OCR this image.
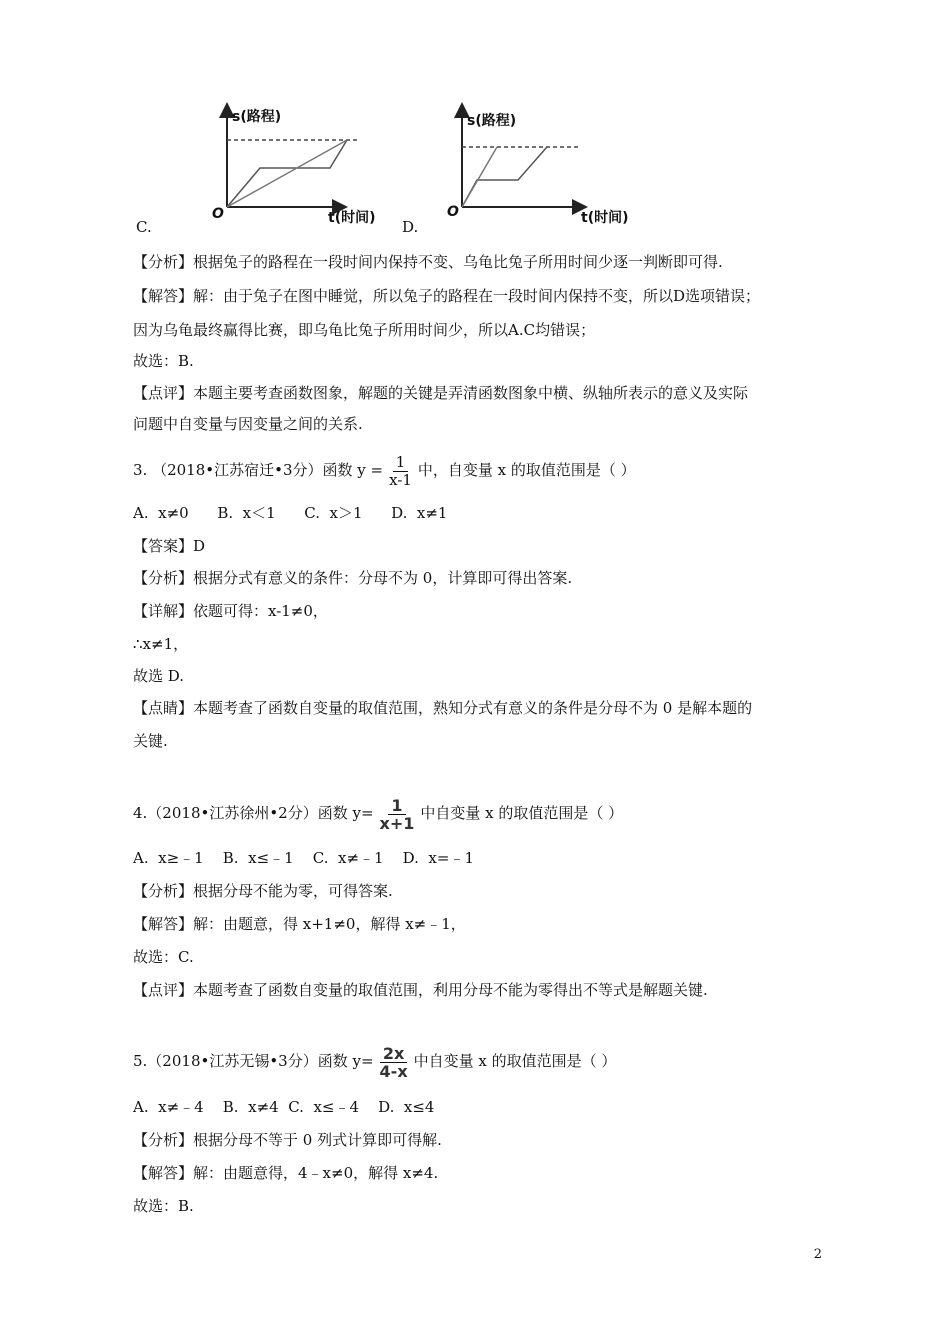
C.
s(路程)
t(时间)
O
D.
s(路程)
t(时间)
O
【分析】根据兔子的路程在一段时间内保持不变、乌龟比兔子所用时间少逐一判断即可得.
【解答】解：由于兔子在图中睡觉，所以兔子的路程在一段时间内保持不变，所以D选项错误；
因为乌龟最终赢得比赛，即乌龟比兔子所用时间少，所以A.C均错误；
故选：B.
【点评】本题主要考查函数图象，解题的关键是弄清函数图象中横、纵轴所表示的意义及实际
问题中自变量与因变量之间的关系.
3. （2018•江苏宿迁•3分）函数 $y = \frac{1}{x-1}$ 中，自变量 x 的取值范围是（ ）
A.  x≠0      B.  x＜1      C.  x＞1      D.  x≠1
【答案】D
【分析】根据分式有意义的条件：分母不为 0，计算即可得出答案.
【详解】依题可得：x-1≠0，
∴x≠1，
故选 D.
【点睛】本题考查了函数自变量的取值范围，熟知分式有意义的条件是分母不为 0 是解本题的
关键.
4.（2018•江苏徐州•2分）函数 $y= \frac{1}{x+1}$ 中自变量 x 的取值范围是（ ）
A.  x≥﹣1    B.  x≤﹣1    C.  x≠﹣1    D.  x=﹣1
【分析】根据分母不能为零，可得答案.
【解答】解：由题意，得 x+1≠0，解得 x≠﹣1，
故选：C.
【点评】本题考查了函数自变量的取值范围，利用分母不能为零得出不等式是解题关键.
5.（2018•江苏无锡•3分）函数 $y= \frac{2x}{4-x}$ 中自变量 x 的取值范围是（ ）
A.  x≠﹣4    B.  x≠4  C.  x≤﹣4    D.  x≤4
【分析】根据分母不等于 0 列式计算即可得解.
【解答】解：由题意得，4﹣x≠0，解得 x≠4.
故选：B.
2
